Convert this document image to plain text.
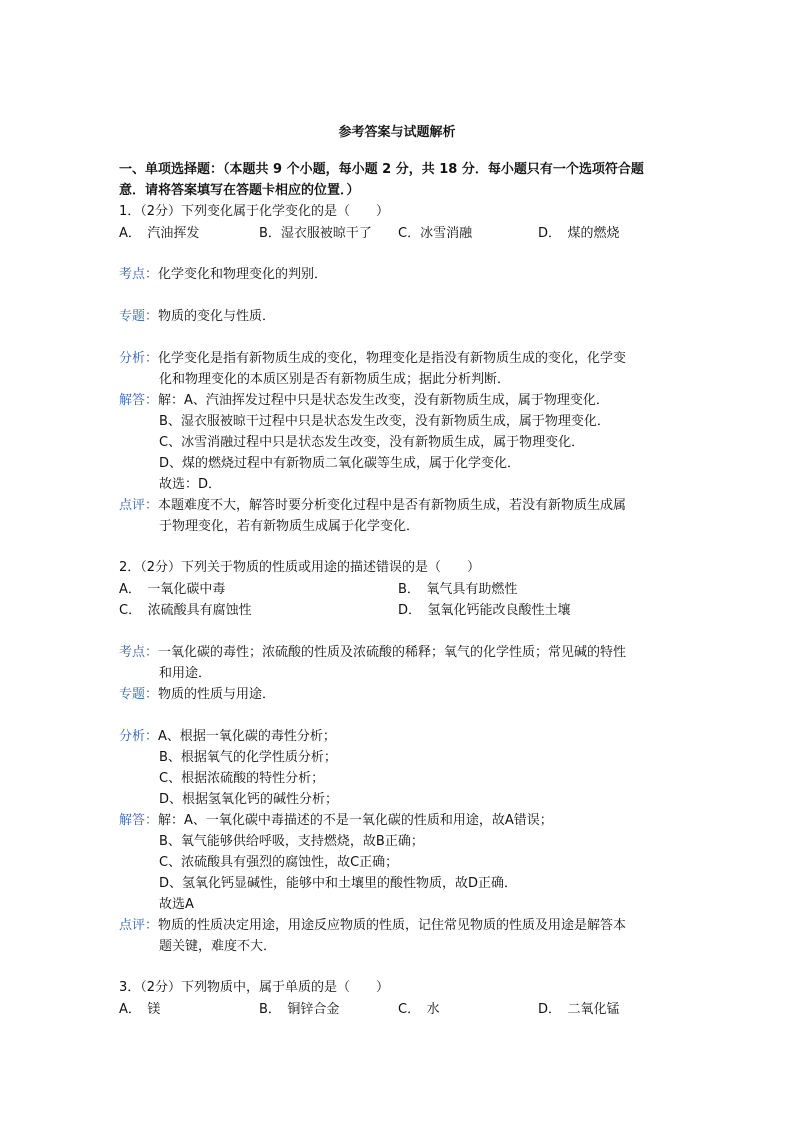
参考答案与试题解析
一、单项选择题：（本题共 9 个小题，每小题 2 分，共 18 分．每小题只有一个选项符合题
意．请将答案填写在答题卡相应的位置．）
1．（2分）下列变化属于化学变化的是（　　）
A．　汽油挥发	B．湿衣服被晾干了 C．冰雪消融	D．　煤的燃烧
考点：化学变化和物理变化的判别．
专题：物质的变化与性质．
分析：化学变化是指有新物质生成的变化，物理变化是指没有新物质生成的变化，化学变
化和物理变化的本质区别是否有新物质生成；据此分析判断．
解答：解：A、汽油挥发过程中只是状态发生改变，没有新物质生成，属于物理变化．
B、湿衣服被晾干过程中只是状态发生改变，没有新物质生成，属于物理变化．
C、冰雪消融过程中只是状态发生改变，没有新物质生成，属于物理变化．
D、煤的燃烧过程中有新物质二氧化碳等生成，属于化学变化．
故选：D．
点评：本题难度不大，解答时要分析变化过程中是否有新物质生成，若没有新物质生成属
于物理变化，若有新物质生成属于化学变化．
2．（2分）下列关于物质的性质或用途的描述错误的是（　　）
A．　一氧化碳中毒	B．　氧气具有助燃性
C．　浓硫酸具有腐蚀性	D．　氢氧化钙能改良酸性土壤
考点：一氧化碳的毒性；浓硫酸的性质及浓硫酸的稀释；氧气的化学性质；常见碱的特性
和用途．
专题：物质的性质与用途．
分析：A、根据一氧化碳的毒性分析；
B、根据氧气的化学性质分析；
C、根据浓硫酸的特性分析；
D、根据氢氧化钙的碱性分析；
解答：解：A、一氧化碳中毒描述的不是一氧化碳的性质和用途，故A错误；
B、氧气能够供给呼吸，支持燃烧，故B正确；
C、浓硫酸具有强烈的腐蚀性，故C正确；
D、氢氧化钙显碱性，能够中和土壤里的酸性物质，故D正确．
故选A
点评：物质的性质决定用途，用途反应物质的性质，记住常见物质的性质及用途是解答本
题关键，难度不大．
3．（2分）下列物质中，属于单质的是（　　）
A．　镁	B．　铜锌合金	C．　水	D．　二氧化锰
